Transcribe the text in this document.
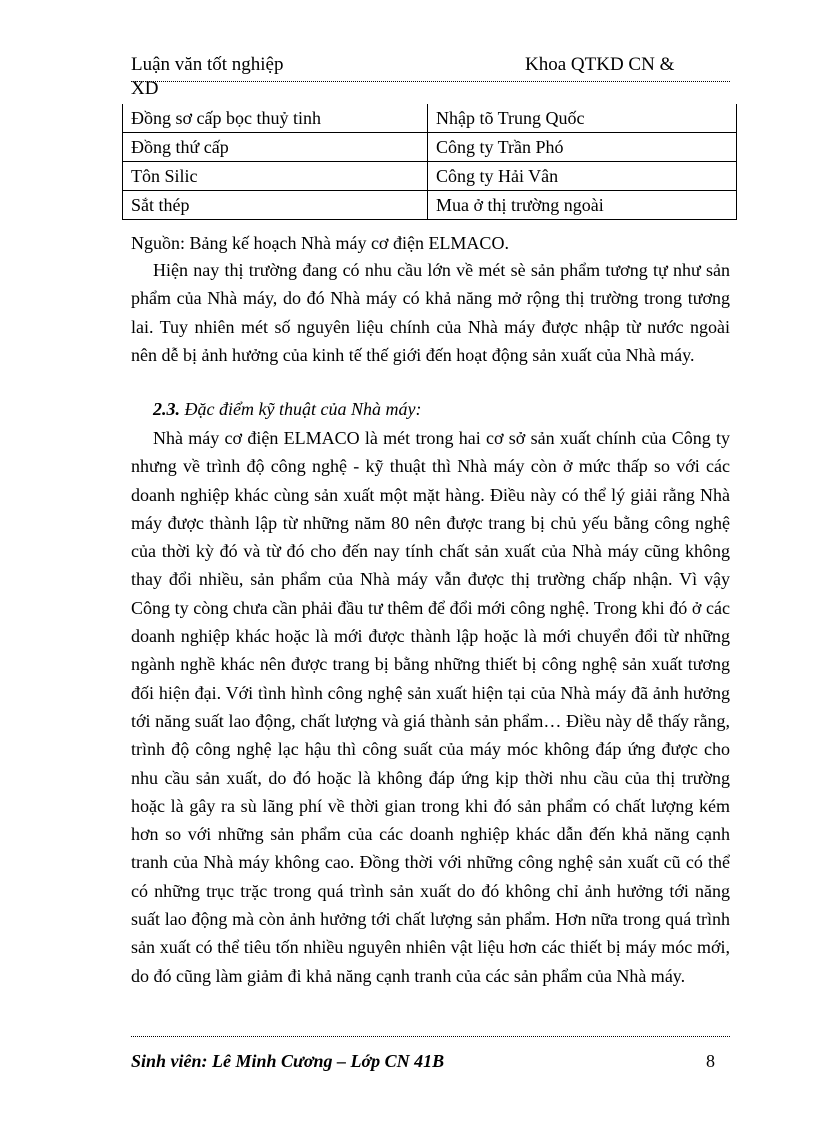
Luận văn tốt nghiệp	Khoa QTKD CN &
XD
Đồng sơ cấp bọc thuỷ tinh	Nhập tõ Trung Quốc
Đồng thứ cấp	Công ty Trần Phó
Tôn Silic	Công ty Hải Vân
Sắt thép	Mua ở thị trường ngoài
Nguồn: Bảng kế hoạch Nhà máy cơ điện ELMACO.

Hiện nay thị trường đang có nhu cầu lớn về mét sè sản phẩm tương tự như sản phẩm của Nhà máy, do đó Nhà máy có khả năng mở rộng thị trường trong tương lai. Tuy nhiên mét số nguyên liệu chính của Nhà máy được nhập từ nước ngoài nên dễ bị ảnh hưởng của kinh tế thế giới đến hoạt động sản xuất của Nhà máy.

2.3. Đặc điểm kỹ thuật của Nhà máy:

Nhà máy cơ điện ELMACO là mét trong hai cơ sở sản xuất chính của Công ty nhưng về trình độ công nghệ - kỹ thuật thì Nhà máy còn ở mức thấp so với các doanh nghiệp khác cùng sản xuất một mặt hàng. Điều này có thể lý giải rằng Nhà máy được thành lập từ những năm 80 nên được trang bị chủ yếu bằng công nghệ của thời kỳ đó và từ đó cho đến nay tính chất sản xuất của Nhà máy cũng không thay đổi nhiều, sản phẩm của Nhà máy vẫn được thị trường chấp nhận. Vì vậy Công ty còng chưa cần phải đầu tư thêm để đổi mới công nghệ. Trong khi đó ở các doanh nghiệp khác hoặc là mới được thành lập hoặc là mới chuyển đổi từ những ngành nghề khác nên được trang bị bằng những thiết bị công nghệ sản xuất tương đối hiện đại. Với tình hình công nghệ sản xuất hiện tại của Nhà máy đã ảnh hưởng tới năng suất lao động, chất lượng và giá thành sản phẩm… Điều này dễ thấy rằng, trình độ công nghệ lạc hậu thì công suất của máy móc không đáp ứng được cho nhu cầu sản xuất, do đó hoặc là không đáp ứng kịp thời nhu cầu của thị trường hoặc là gây ra sù lãng phí về thời gian trong khi đó sản phẩm có chất lượng kém hơn so với những sản phẩm của các doanh nghiệp khác dẫn đến khả năng cạnh tranh của Nhà máy không cao. Đồng thời với những công nghệ sản xuất cũ có thể có những trục trặc trong quá trình sản xuất do đó không chỉ ảnh hưởng tới năng suất lao động mà còn ảnh hưởng tới chất lượng sản phẩm. Hơn nữa trong quá trình sản xuất có thể tiêu tốn nhiều nguyên nhiên vật liệu hơn các thiết bị máy móc mới, do đó cũng làm giảm đi khả năng cạnh tranh của các sản phẩm của Nhà máy.

Sinh viên: Lê Minh Cương – Lớp CN 41B	8
